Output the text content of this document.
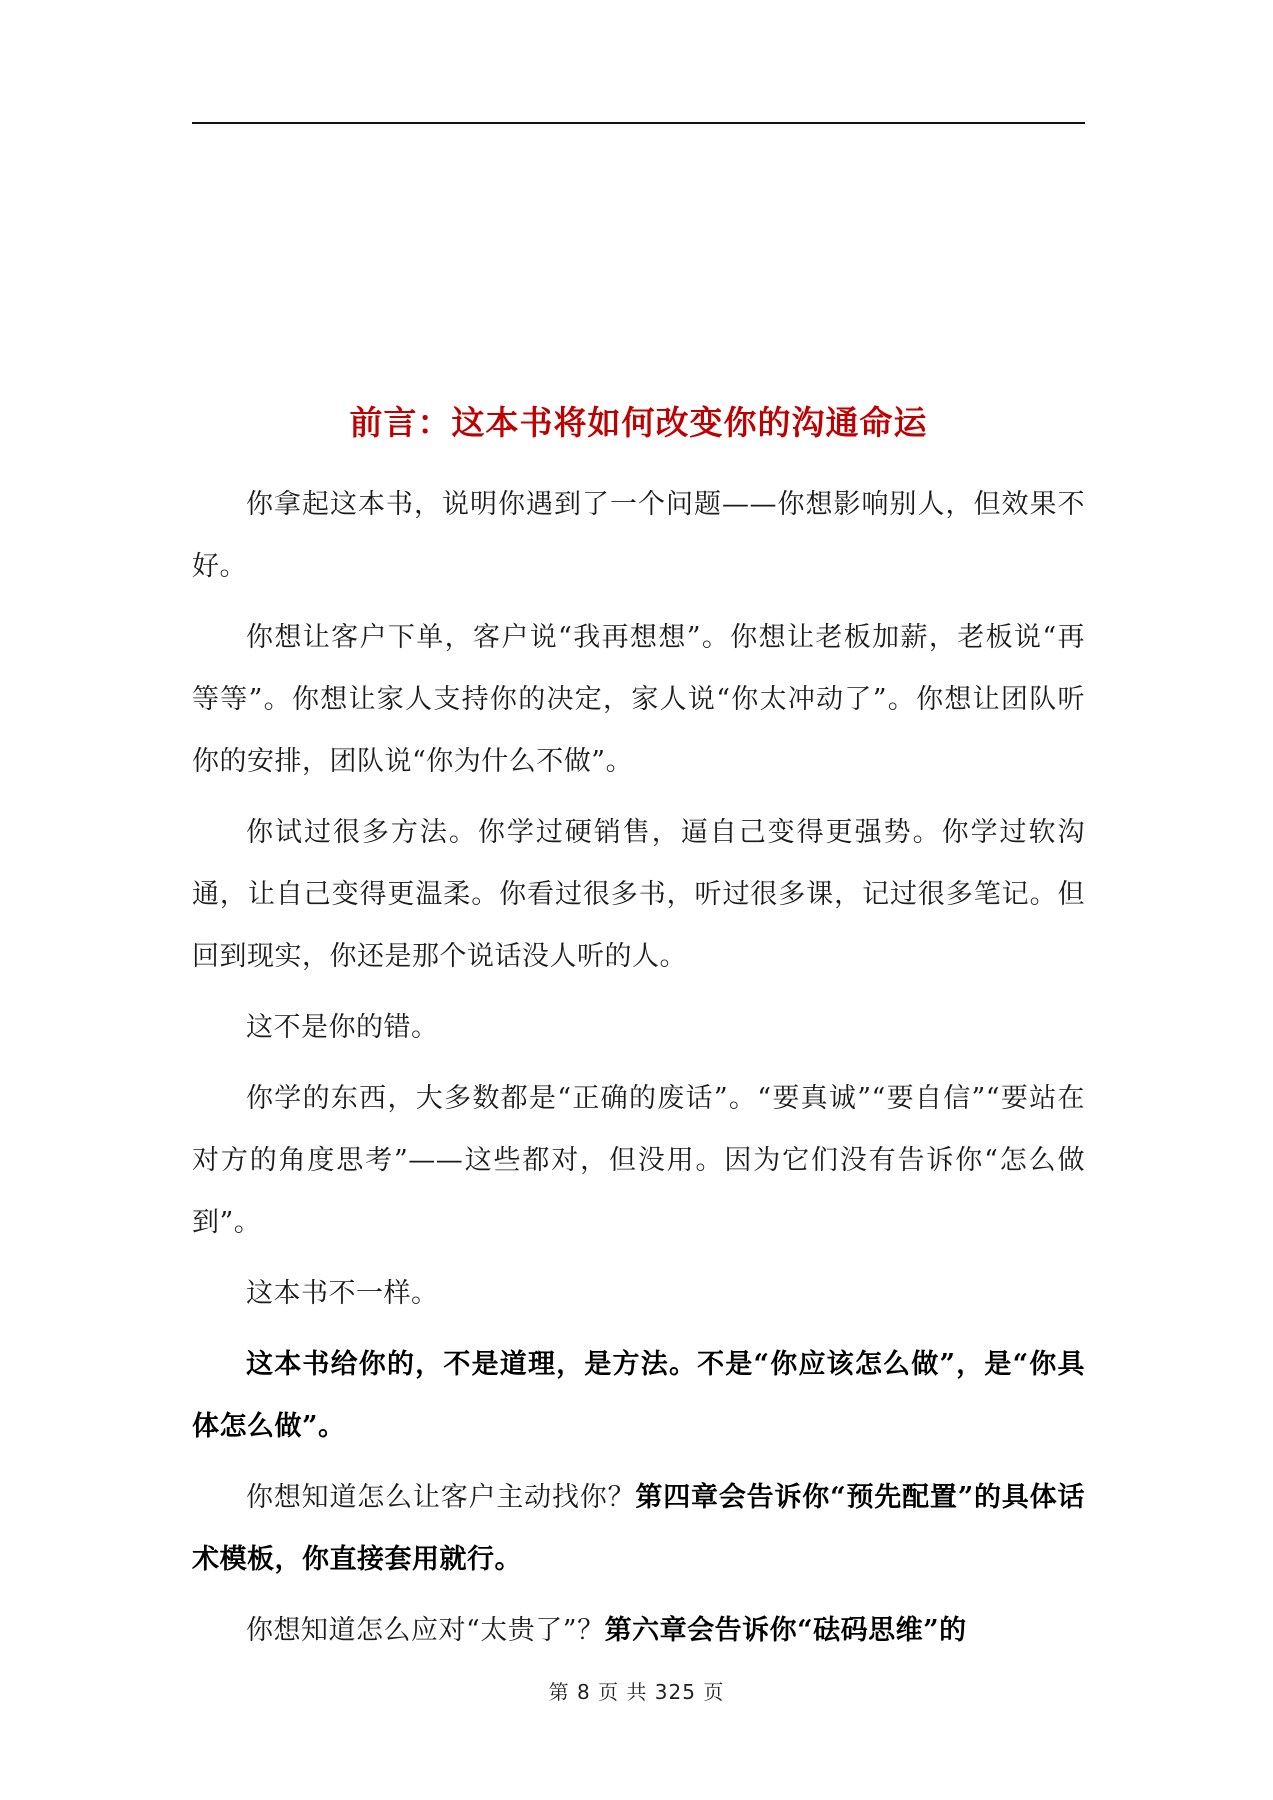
前言：这本书将如何改变你的沟通命运

你拿起这本书，说明你遇到了一个问题——你想影响别人，但效果不好。

你想让客户下单，客户说“我再想想”。你想让老板加薪，老板说“再等等”。你想让家人支持你的决定，家人说“你太冲动了”。你想让团队听你的安排，团队说“你为什么不做”。

你试过很多方法。你学过硬销售，逼自己变得更强势。你学过软沟通，让自己变得更温柔。你看过很多书，听过很多课，记过很多笔记。但回到现实，你还是那个说话没人听的人。

这不是你的错。

你学的东西，大多数都是“正确的废话”。“要真诚”“要自信”“要站在对方的角度思考”——这些都对，但没用。因为它们没有告诉你“怎么做到”。

这本书不一样。

这本书给你的，不是道理，是方法。不是“你应该怎么做”，是“你具体怎么做”。

你想知道怎么让客户主动找你？第四章会告诉你“预先配置”的具体话术模板，你直接套用就行。

你想知道怎么应对“太贵了”？第六章会告诉你“砝码思维”的

第 8 页 共 325 页
